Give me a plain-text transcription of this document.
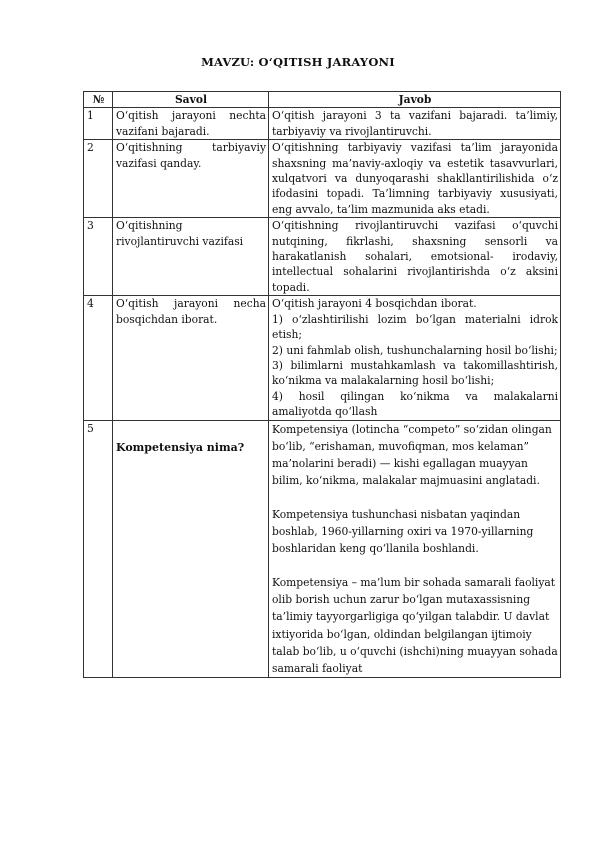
MAVZU: O‘QITISH JARAYONI
№	Savol	Javob
1	O‘qitish jarayoni nechta vazifani bajaradi.	O‘qitish jarayoni 3 ta vazifani bajaradi. ta’limiy, tarbiyaviy va rivojlantiruvchi.

2	O‘qitishning tarbiyaviy vazifasi qanday.	O‘qitishning tarbiyaviy vazifasi ta’lim jarayonida shaxsning ma’naviy-axloqiy va estetik tasavvurlari, xulqatvori va dunyoqarashi shakllantirilishida o‘z ifodasini topadi. Ta’limning tarbiyaviy xususiyati, eng avvalo, ta’lim mazmunida aks etadi.

3	O‘qitishning rivojlantiruvchi vazifasi	O‘qitishning rivojlantiruvchi vazifasi o‘quvchi nutqining, fikrlashi, shaxsning sensorli va harakatlanish sohalari, emotsional- irodaviy, intellectual sohalarini rivojlantirishda o‘z aksini topadi.

4	O‘qitish jarayoni necha bosqichdan iborat.	O‘qitish jarayoni 4 bosqichdan iborat.
1) o‘zlashtirilishi lozim bo‘lgan materialni idrok etish;
2) uni fahmlab olish, tushunchalarning hosil bo‘lishi;
3) bilimlarni mustahkamlash va takomillashtirish, ko‘nikma va malakalarning hosil bo‘lishi;
4) hosil qilingan ko‘nikma va malakalarni amaliyotda qo‘llash

5	Kompetensiya nima?	Kompetensiya (lotincha “competo” so‘zidan olingan bo‘lib, “erishaman, muvofiqman, mos kelaman” ma’nolarini beradi) — kishi egallagan muayyan bilim, ko‘nikma, malakalar majmuasini anglatadi.

Kompetensiya tushunchasi nisbatan yaqindan boshlab, 1960-yillarning oxiri va 1970-yillarning boshlaridan keng qo‘llanila boshlandi.

Kompetensiya – ma’lum bir sohada samarali faoliyat olib borish uchun zarur bo‘lgan mutaxassisning ta’limiy tayyorgarligiga qo‘yilgan talabdir. U davlat ixtiyorida bo‘lgan, oldindan belgilangan ijtimoiy talab bo‘lib, u o‘quvchi (ishchi)ning muayyan sohada samarali faoliyat
